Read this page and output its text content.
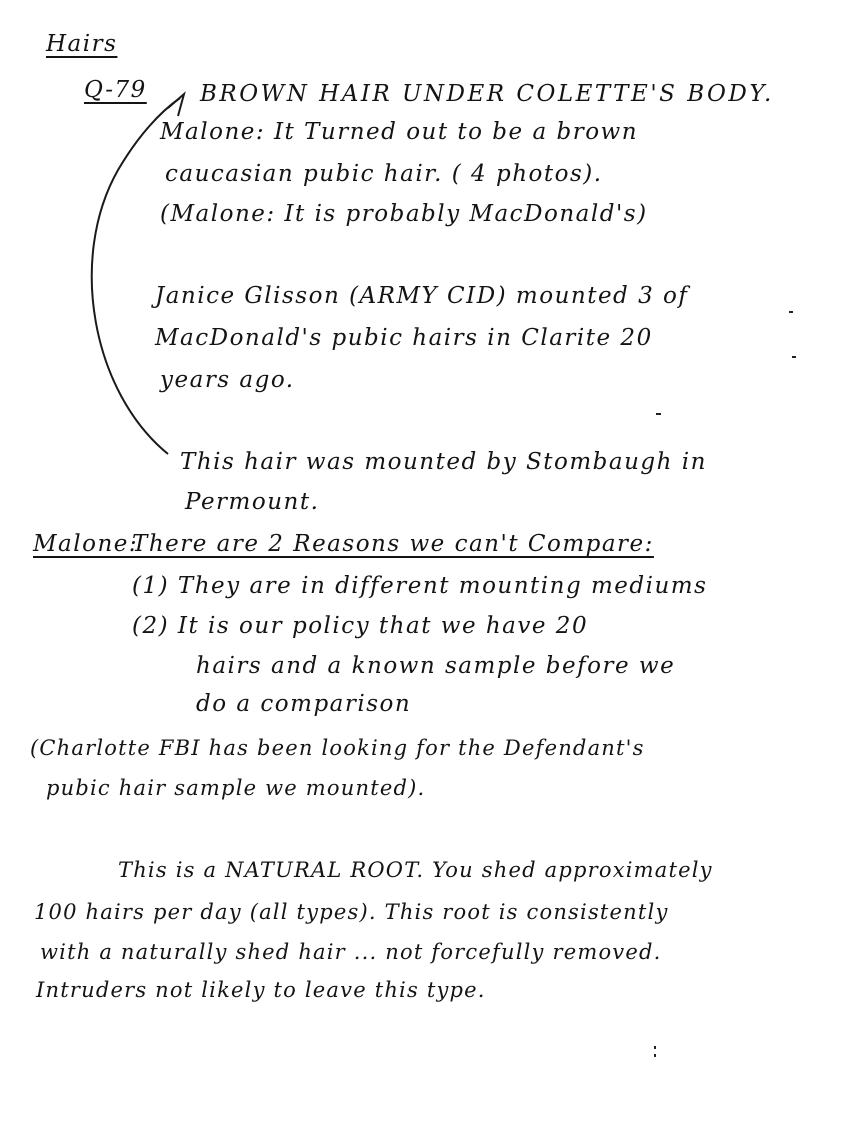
Hairs
Q-79 BROWN HAIR UNDER COLETTE'S BODY.
Malone: It Turned out to be a brown
caucasian pubic hair. ( 4 photos).
(Malone: It is probably MacDonald's)
Janice Glisson (ARMY CID) mounted 3 of
MacDonald's pubic hairs in Clarite 20
years ago.
This hair was mounted by Stombaugh in
Permount.
Malone:
There are 2 Reasons we can't Compare:
(1) They are in different mounting mediums
(2) It is our policy that we have 20
hairs and a known sample before we
do a comparison
(Charlotte FBI has been looking for the Defendant's
pubic hair sample we mounted).
This is a NATURAL ROOT. You shed approximately
100 hairs per day (all types). This root is consistently
with a naturally shed hair ... not forcefully removed.
Intruders not likely to leave this type.
